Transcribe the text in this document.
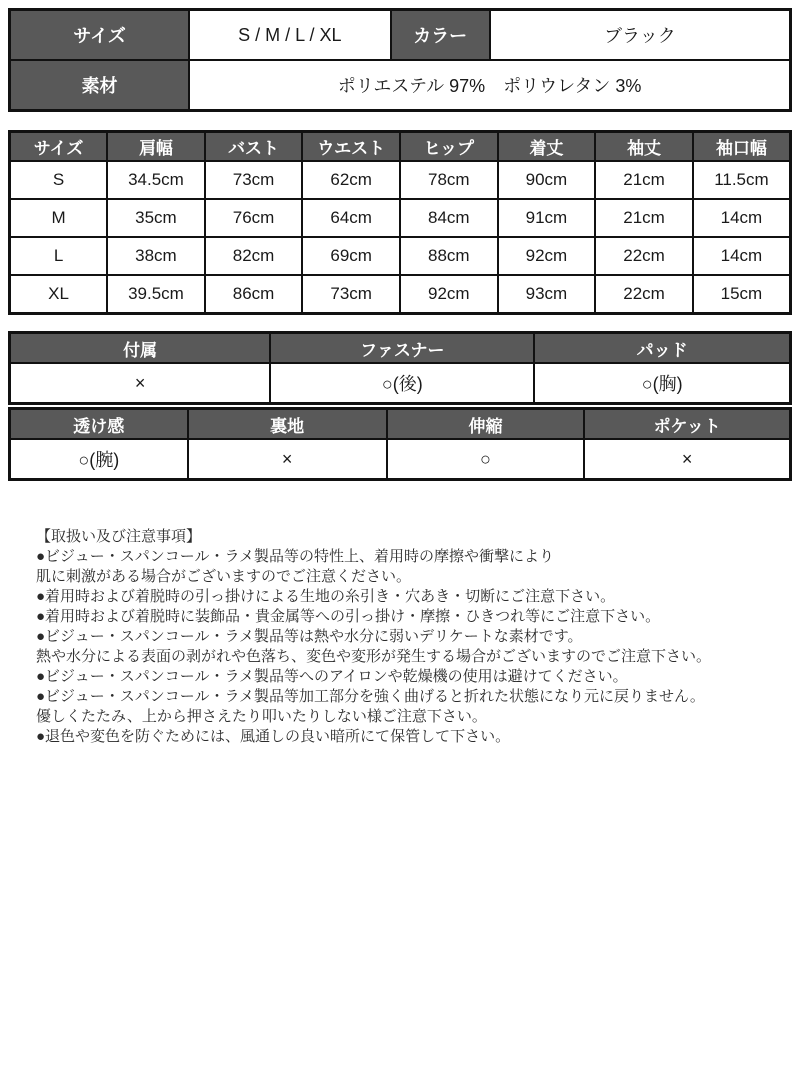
サイズ	S / M / L / XL	カラー	ブラック
素材	ポリエステル 97%　ポリウレタン 3%		
サイズ	肩幅	バスト	ウエスト	ヒップ	着丈	袖丈	袖口幅
S	34.5cm	73cm	62cm	78cm	90cm	21cm	11.5cm
M	35cm	76cm	64cm	84cm	91cm	21cm	14cm
L	38cm	82cm	69cm	88cm	92cm	22cm	14cm
XL	39.5cm	86cm	73cm	92cm	93cm	22cm	15cm
付属	ファスナー	パッド
×	○(後)	○(胸)
透け感	裏地	伸縮	ポケット
○(腕)	×	○	×
【取扱い及び注意事項】
●ビジュー・スパンコール・ラメ製品等の特性上、着用時の摩擦や衝撃により
肌に刺激がある場合がございますのでご注意ください。
●着用時および着脱時の引っ掛けによる生地の糸引き・穴あき・切断にご注意下さい。
●着用時および着脱時に装飾品・貴金属等への引っ掛け・摩擦・ひきつれ等にご注意下さい。
●ビジュー・スパンコール・ラメ製品等は熱や水分に弱いデリケートな素材です。
熱や水分による表面の剥がれや色落ち、変色や変形が発生する場合がございますのでご注意下さい。
●ビジュー・スパンコール・ラメ製品等へのアイロンや乾燥機の使用は避けてください。
●ビジュー・スパンコール・ラメ製品等加工部分を強く曲げると折れた状態になり元に戻りません。
優しくたたみ、上から押さえたり叩いたりしない様ご注意下さい。
●退色や変色を防ぐためには、風通しの良い暗所にて保管して下さい。
